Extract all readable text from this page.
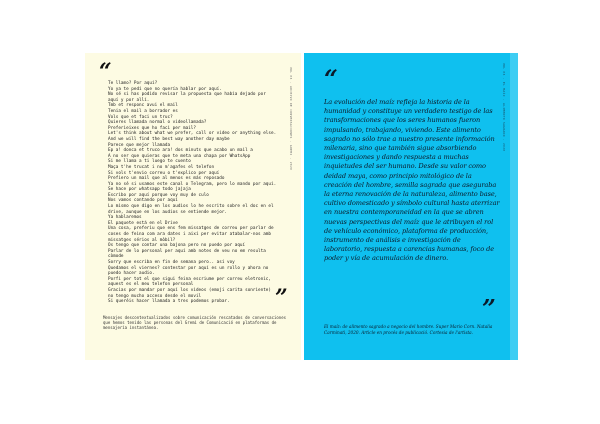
“
Te llamo? Por aquí?
Yo ya te pedí que no quería hablar por aquí.
No sé si has podido revisar la propuesta que había dejado por
aquí y por allí.
Tmb et responc avui el mail
Tenia el mail a borrador es
Vols que et faci un truc?
Quieres llamada normal o videollamada?
Preferieixes que ho faci per mail?
Let's think about what we prefer, call or video or anything else.
And we will find the best way another day maybe
Parece que mejor llamada
Ep a! donca et truco ara! dos minuts que acabo un mail a
A no ser que quieras que te meta una chapa por WhatsApp
Si me llama a ti luego te cuento
Maça t'he trucat i no m'agafes el telefon
Si vols t'envio correu o t'explico per aquí
Prefiero un mail que al menos es más reposado
Ya no sé si usamos este canal o Telegram, pero lo mando por aquí.
Se hace por whatsapp todo jajaja
Escribo por aquí porque voy muy de culo
Nos vamos contando por aquí
Lo mismo que digo en los audios lo he escrito sobre el doc en el
drive, aunque en los audios se entiende mejor.
Ya hablaremos
El paquete está en el Drive
Una cosa, preferiu que ens fem missatges de correu per parlar de
coses de feina com ara dates i així per evitar atabalar-nos amb
missatges sérios al mòbil?
Os tengo que contar una bajona pero no puedo por aquí
Parlar de lo personal per aquí amb notes de veu no em resulta
còmode
Sorry que escriba en fin de semana pero.. así voy
Quedamos el viernes? contestar por aquí es un rollo y ahora no
puedo hacer audio.
Porfi per tot el que sigui feina escriume per correu eletronic,
aquest es el meu telefon personal
Gracias por mandar por aquí los videos (emoji carita sonriente)
no tengo mucho acceso desde el movil
Si queréis hacer llamada a tres podemos probar.	”
Mensajes descontextualizados sobre comunicación rescatados de conversaciones que hemos tenido las personas del Gremi de Comunicació en plataformas de mensajería instantánea.
VOL 03 · ARCHIVO DE CONVERSACIONES · GREMI · 2020 “

La evolución del maíz refleja la historia de la humanidad y constituye un verdadero testigo de las transformaciones que los seres humanos fueron impulsando, trabajando, viviendo. Este alimento sagrado no sólo trae a nuestro presente información milenaria, sino que también sigue absorbiendo investigaciones y dando respuesta a muchas inquietudes del ser humano. Desde su valor como deidad maya, como principio mitológico de la creación del hombre, semilla sagrada que aseguraba la eterna renovación de la naturaleza, alimento base, cultivo domesticado y símbolo cultural hasta aterrizar en nuestra contemporaneidad en la que se abren nuevas perspectivas del maíz que le atribuyen el rol de vehículo económico, plataforma de producción, instrumento de análisis e investigación de laboratorio, respuesta a carencias humanas, foco de poder y vía de acumulación de dinero.

”
El maíz: de alimento sagrado a negocio del hombre. Super Mario Corn. Natalia Carminati, 2020. Article en procés de publicació. Cortesia de l'artista.
VOL 03 · EL MAÍZ · ALIMENTO SAGRADO · 2020
